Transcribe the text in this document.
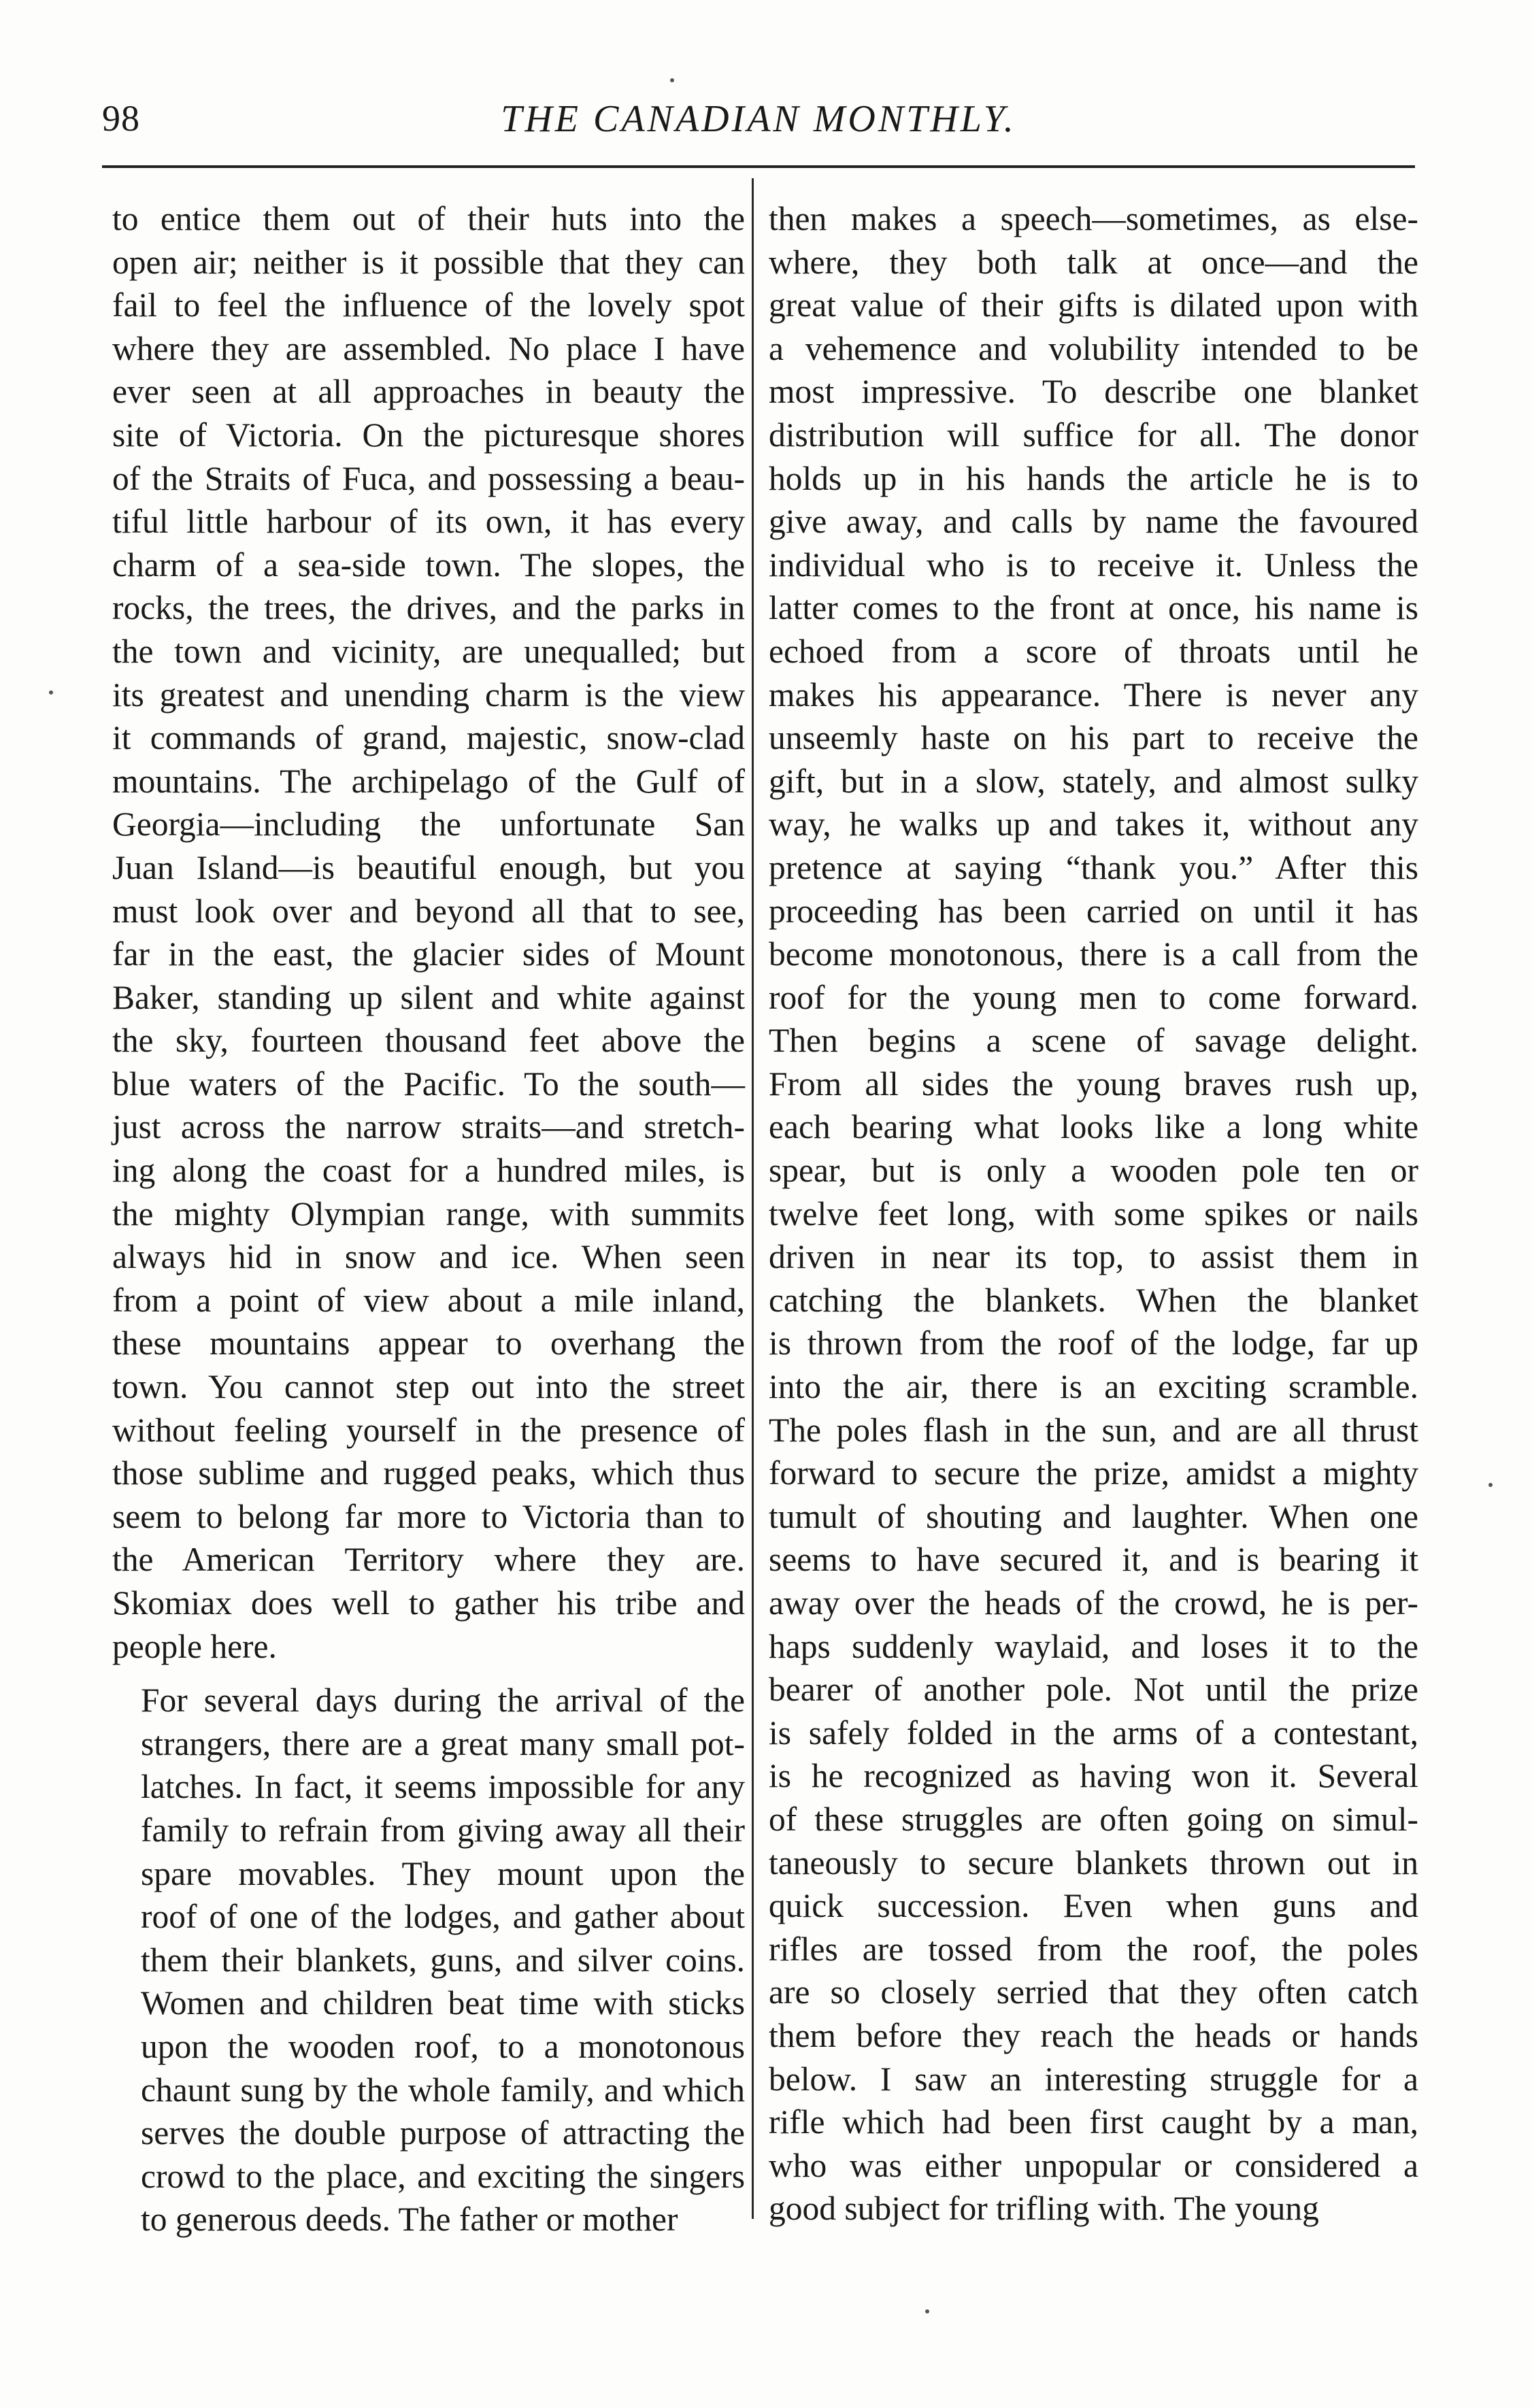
98	THE CANADIAN MONTHLY.

to entice them out of their huts into the
open air; neither is it possible that they can
fail to feel the influence of the lovely spot
where they are assembled. No place I have
ever seen at all approaches in beauty the
site of Victoria. On the picturesque shores
of the Straits of Fuca, and possessing a beau-
tiful little harbour of its own, it has every
charm of a sea-side town. The slopes, the
rocks, the trees, the drives, and the parks in
the town and vicinity, are unequalled; but
its greatest and unending charm is the view
it commands of grand, majestic, snow-clad
mountains. The archipelago of the Gulf of
Georgia—including the unfortunate San
Juan Island—is beautiful enough, but you
must look over and beyond all that to see,
far in the east, the glacier sides of Mount
Baker, standing up silent and white against
the sky, fourteen thousand feet above the
blue waters of the Pacific. To the south—
just across the narrow straits—and stretch-
ing along the coast for a hundred miles, is
the mighty Olympian range, with summits
always hid in snow and ice. When seen
from a point of view about a mile inland,
these mountains appear to overhang the
town. You cannot step out into the street
without feeling yourself in the presence of
those sublime and rugged peaks, which thus
seem to belong far more to Victoria than to
the American Territory where they are.
Skomiax does well to gather his tribe and
people here.

For several days during the arrival of the
strangers, there are a great many small pot-
latches. In fact, it seems impossible for any
family to refrain from giving away all their
spare movables. They mount upon the
roof of one of the lodges, and gather about
them their blankets, guns, and silver coins.
Women and children beat time with sticks
upon the wooden roof, to a monotonous
chaunt sung by the whole family, and which
serves the double purpose of attracting the
crowd to the place, and exciting the singers
to generous deeds. The father or mother

then makes a speech—sometimes, as else-
where, they both talk at once—and the
great value of their gifts is dilated upon with
a vehemence and volubility intended to be
most impressive. To describe one blanket
distribution will suffice for all. The donor
holds up in his hands the article he is to
give away, and calls by name the favoured
individual who is to receive it. Unless the
latter comes to the front at once, his name is
echoed from a score of throats until he
makes his appearance. There is never any
unseemly haste on his part to receive the
gift, but in a slow, stately, and almost sulky
way, he walks up and takes it, without any
pretence at saying “thank you.” After this
proceeding has been carried on until it has
become monotonous, there is a call from the
roof for the young men to come forward.
Then begins a scene of savage delight.
From all sides the young braves rush up,
each bearing what looks like a long white
spear, but is only a wooden pole ten or
twelve feet long, with some spikes or nails
driven in near its top, to assist them in
catching the blankets. When the blanket
is thrown from the roof of the lodge, far up
into the air, there is an exciting scramble.
The poles flash in the sun, and are all thrust
forward to secure the prize, amidst a mighty
tumult of shouting and laughter. When one
seems to have secured it, and is bearing it
away over the heads of the crowd, he is per-
haps suddenly waylaid, and loses it to the
bearer of another pole. Not until the prize
is safely folded in the arms of a contestant,
is he recognized as having won it. Several
of these struggles are often going on simul-
taneously to secure blankets thrown out in
quick succession. Even when guns and
rifles are tossed from the roof, the poles
are so closely serried that they often catch
them before they reach the heads or hands
below. I saw an interesting struggle for a
rifle which had been first caught by a man,
who was either unpopular or considered a
good subject for trifling with. The young
